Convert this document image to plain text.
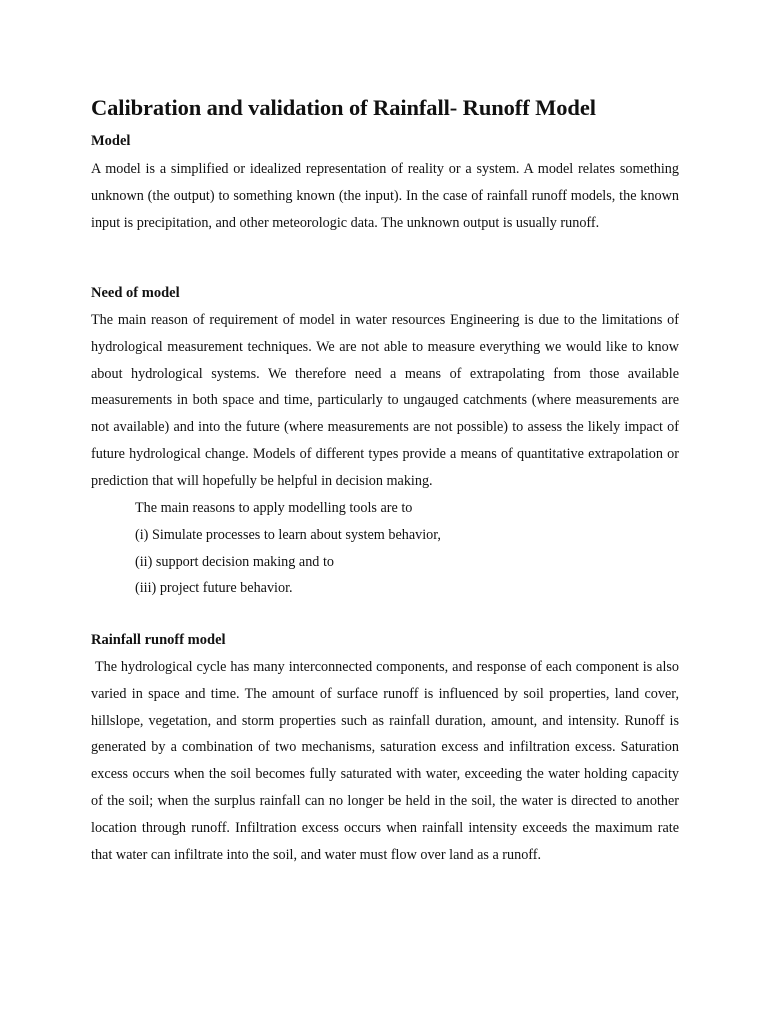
Calibration and validation of Rainfall- Runoff Model
Model

A model is a simplified or idealized representation of reality or a system. A model relates something unknown (the output) to something known (the input). In the case of rainfall runoff models, the known input is precipitation, and other meteorologic data. The unknown output is usually runoff.

Need of model

The main reason of requirement of model in water resources Engineering is due to the limitations of hydrological measurement techniques. We are not able to measure everything we would like to know about hydrological systems. We therefore need a means of extrapolating from those available measurements in both space and time, particularly to ungauged catchments (where measurements are not available) and into the future (where measurements are not possible) to assess the likely impact of future hydrological change. Models of different types provide a means of quantitative extrapolation or prediction that will hopefully be helpful in decision making.

The main reasons to apply modelling tools are to
(i) Simulate processes to learn about system behavior,
(ii) support decision making and to
(iii) project future behavior.
Rainfall runoff model

The hydrological cycle has many interconnected components, and response of each component is also varied in space and time. The amount of surface runoff is influenced by soil properties, land cover, hillslope, vegetation, and storm properties such as rainfall duration, amount, and intensity. Runoff is generated by a combination of two mechanisms, saturation excess and infiltration excess. Saturation excess occurs when the soil becomes fully saturated with water, exceeding the water holding capacity of the soil; when the surplus rainfall can no longer be held in the soil, the water is directed to another location through runoff. Infiltration excess occurs when rainfall intensity exceeds the maximum rate that water can infiltrate into the soil, and water must flow over land as a runoff.
